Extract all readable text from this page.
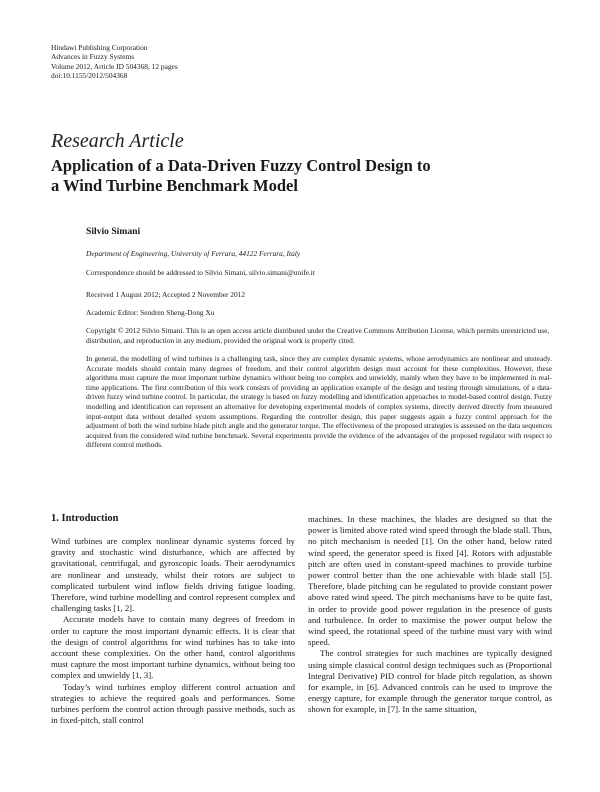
Hindawi Publishing Corporation
Advances in Fuzzy Systems
Volume 2012, Article ID 504368, 12 pages
doi:10.1155/2012/504368
Research Article
Application of a Data-Driven Fuzzy Control Design to
a Wind Turbine Benchmark Model
Silvio Simani
Department of Engineering, University of Ferrara, 44122 Ferrara, Italy
Correspondence should be addressed to Silvio Simani, silvio.simani@unife.it
Received 1 August 2012; Accepted 2 November 2012
Academic Editor: Sendren Sheng-Dong Xu
Copyright © 2012 Silvio Simani. This is an open access article distributed under the Creative Commons Attribution License, which permits unrestricted use, distribution, and reproduction in any medium, provided the original work is properly cited.
In general, the modelling of wind turbines is a challenging task, since they are complex dynamic systems, whose aerodynamics are nonlinear and unsteady. Accurate models should contain many degrees of freedom, and their control algorithm design must account for these complexities. However, these algorithms must capture the most important turbine dynamics without being too complex and unwieldy, mainly when they have to be implemented in real-time applications. The first contribution of this work consists of providing an application example of the design and testing through simulations, of a data-driven fuzzy wind turbine control. In particular, the strategy is based on fuzzy modelling and identification approaches to model-based control design. Fuzzy modelling and identification can represent an alternative for developing experimental models of complex systems, directly derived directly from measured input-output data without detailed system assumptions. Regarding the controller design, this paper suggests again a fuzzy control approach for the adjustment of both the wind turbine blade pitch angle and the generator torque. The effectiveness of the proposed strategies is assessed on the data sequences acquired from the considered wind turbine benchmark. Several experiments provide the evidence of the advantages of the proposed regulator with respect to different control methods.
1. Introduction

Wind turbines are complex nonlinear dynamic systems forced by gravity and stochastic wind disturbance, which are affected by gravitational, centrifugal, and gyroscopic loads. Their aerodynamics are nonlinear and unsteady, whilst their rotors are subject to complicated turbulent wind inflow fields driving fatigue loading. Therefore, wind turbine modelling and control represent complex and challenging tasks [1, 2].

Accurate models have to contain many degrees of freedom in order to capture the most important dynamic effects. It is clear that the design of control algorithms for wind turbines has to take into account these complexities. On the other hand, control algorithms must capture the most important turbine dynamics, without being too complex and unwieldy [1, 3].

Today’s wind turbines employ different control actuation and strategies to achieve the required goals and performances. Some turbines perform the control action through passive methods, such as in fixed-pitch, stall control

machines. In these machines, the blades are designed so that the power is limited above rated wind speed through the blade stall. Thus, no pitch mechanism is needed [1]. On the other hand, below rated wind speed, the generator speed is fixed [4]. Rotors with adjustable pitch are often used in constant-speed machines to provide turbine power control better than the one achievable with blade stall [5]. Therefore, blade pitching can be regulated to provide constant power above rated wind speed. The pitch mechanisms have to be quite fast, in order to provide good power regulation in the presence of gusts and turbulence. In order to maximise the power output below the wind speed, the rotational speed of the turbine must vary with wind speed.

The control strategies for such machines are typically designed using simple classical control design techniques such as (Proportional Integral Derivative) PID control for blade pitch regulation, as shown for example, in [6]. Advanced controls can be used to improve the energy capture, for example through the generator torque control, as shown for example, in [7]. In the same situation,
